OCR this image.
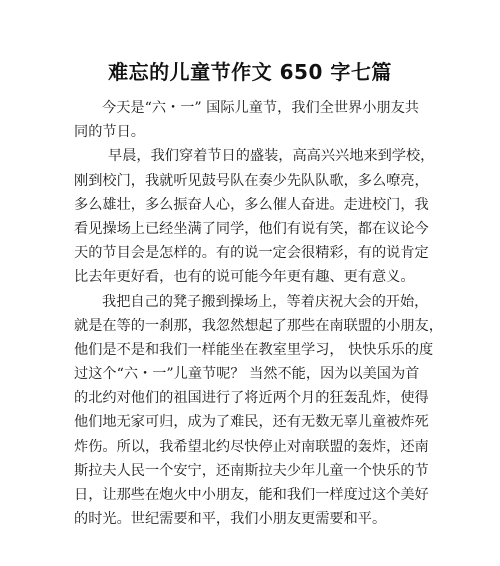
难忘的儿童节作文 650 字七篇
今天是“六・一” 国际儿童节，我们全世界小朋友共
同的节日。
早晨，我们穿着节日的盛装，高高兴兴地来到学校，
刚到校门，我就听见鼓号队在奏少先队队歌，多么嘹亮，
多么雄壮，多么振奋人心，多么催人奋进。走进校门，我
看见操场上已经坐满了同学，他们有说有笑，都在议论今
天的节目会是怎样的。有的说一定会很精彩，有的说肯定
比去年更好看，也有的说可能今年更有趣、更有意义。
我把自己的凳子搬到操场上，等着庆祝大会的开始，
就是在等的一刹那，我忽然想起了那些在南联盟的小朋友，
他们是不是和我们一样能坐在教室里学习， 快快乐乐的度
过这个“六・一”儿童节呢？ 当然不能，因为以美国为首
的北约对他们的祖国进行了将近两个月的狂轰乱炸，使得
他们地无家可归，成为了难民，还有无数无辜儿童被炸死
炸伤。所以，我希望北约尽快停止对南联盟的轰炸，还南
斯拉夫人民一个安宁，还南斯拉夫少年儿童一个快乐的节
日，让那些在炮火中小朋友，能和我们一样度过这个美好
的时光。世纪需要和平，我们小朋友更需要和平。
